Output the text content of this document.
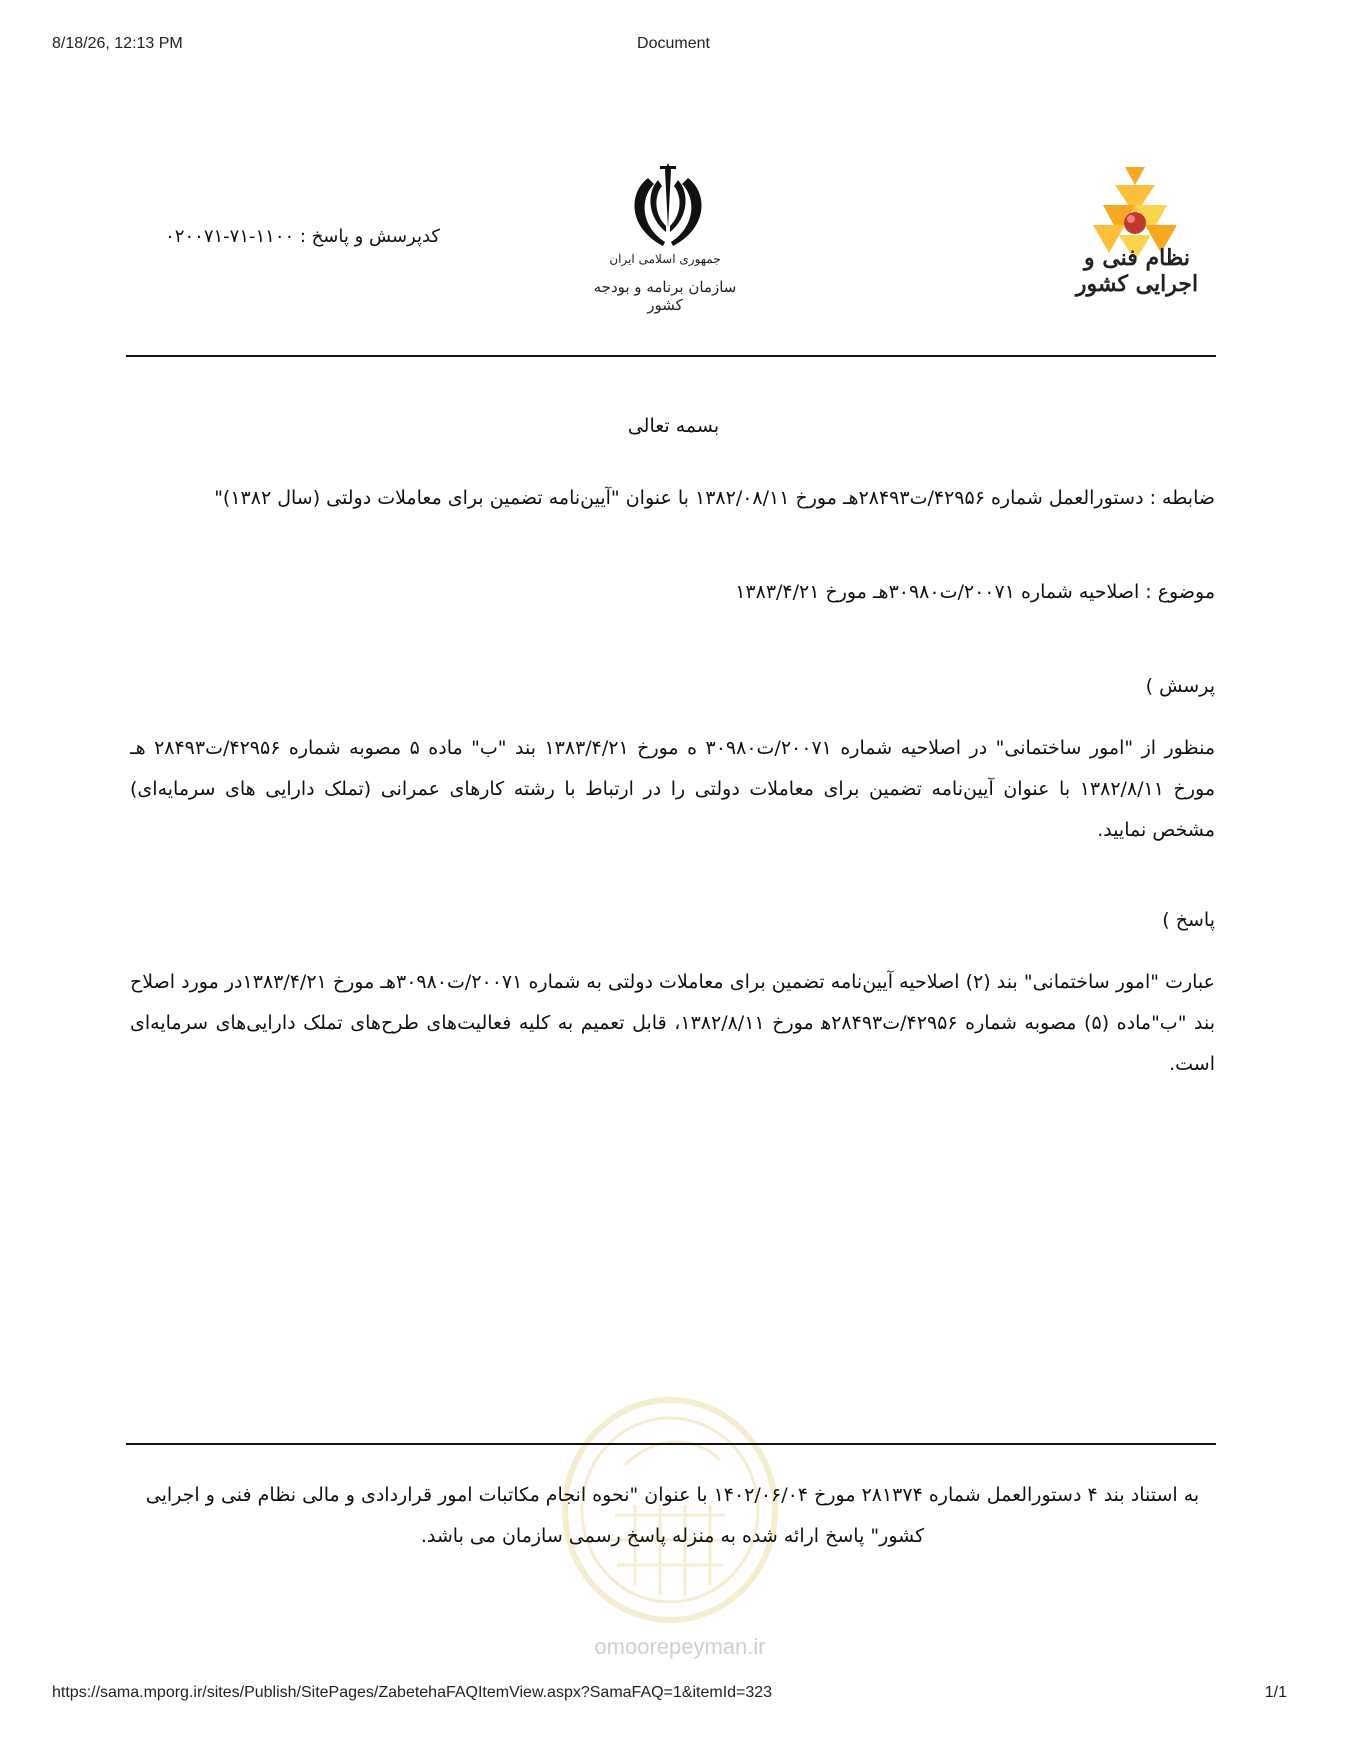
8/18/26, 12:13 PM	Document
نظام فنی و اجرایی کشور
جمهوری اسلامی ایران
سازمان برنامه و بودجه کشور
کدپرسش و پاسخ : ۱۱۰۰-۷۱-۰۲۰۰۷۱
بسمه تعالی
ضابطه : دستورالعمل شماره ۴۲۹۵۶/ت۲۸۴۹۳هـ مورخ ۱۳۸۲/۰۸/۱۱ با عنوان "آیین‌نامه تضمین برای معاملات دولتی (سال ۱۳۸۲)"
موضوع : اصلاحیه شماره ۲۰۰۷۱/ت۳۰۹۸۰هـ مورخ ۱۳۸۳/۴/۲۱
پرسش )
منظور از "امور ساختمانی" در اصلاحیه شماره ۲۰۰۷۱/ت۳۰۹۸۰ ه مورخ ۱۳۸۳/۴/۲۱ بند "ب" ماده ۵ مصوبه شماره ۴۲۹۵۶/ت۲۸۴۹۳ هـ مورخ ۱۳۸۲/۸/۱۱ با عنوان آیین‌نامه تضمین برای معاملات دولتی را در ارتباط با رشته کارهای عمرانی (تملک دارایی های سرمایه‌ای) مشخص نمایید.
پاسخ )
عبارت "امور ساختمانی" بند (۲) اصلاحیه آیین‌نامه تضمین برای معاملات دولتی به شماره ۲۰۰۷۱/ت۳۰۹۸۰هـ مورخ ۱۳۸۳/۴/۲۱در مورد اصلاح بند "ب"ماده (۵) مصوبه شماره ۴۲۹۵۶/ت۲۸۴۹۳ﻫ مورخ ۱۳۸۲/۸/۱۱، قابل تعمیم به کلیه فعالیت‌های طرح‌های تملک دارایی‌های سرمایه‌ای است.
omoorepeyman.ir
به استناد بند ۴ دستورالعمل شماره ۲۸۱۳۷۴ مورخ ۱۴۰۲/۰۶/۰۴ با عنوان "نحوه انجام مکاتبات امور قراردادی و مالی نظام فنی و اجرایی کشور" پاسخ ارائه شده به منزله پاسخ رسمی سازمان می باشد.
https://sama.mporg.ir/sites/Publish/SitePages/ZabetehaFAQItemView.aspx?SamaFAQ=1&itemId=323	1/1
